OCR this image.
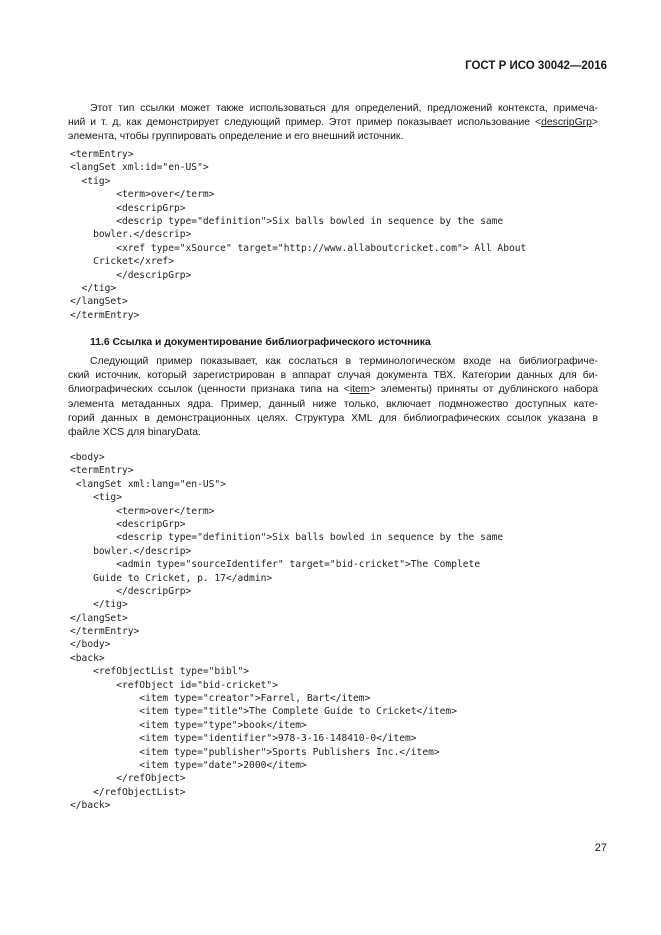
ГОСТ Р ИСО 30042—2016
Этот тип ссылки может также использоваться для определений, предложений контекста, примеча-
ний и т. д, как демонстрирует следующий пример. Этот пример показывает использование <descripGrp>
элемента, чтобы группировать определение и его внешний источник.
<termEntry>
<langSet xml:id="en-US">
<tig>
<term>over</term>
<descripGrp>
<descrip type="definition">Six balls bowled in sequence by the same
bowler.</descrip>
<xref type="xSource" target="http://www.allaboutcricket.com"> All About
Cricket</xref>
</descripGrp>
</tig>
</langSet>
</termEntry>
11.6 Ссылка и документирование библиографического источника
Следующий пример показывает, как сослаться в терминологическом входе на библиографиче-
ский источник, который зарегистрирован в аппарат случая документа ТВХ. Категории данных для би-
блиографических ссылок (ценности признака типа на <item> элементы) приняты от дублинского набора
элемента метаданных ядра. Пример, данный ниже только, включает подмножество доступных кате-
горий данных в демонстрационных целях. Структура XML для библиографических ссылок указана в
файле XCS для binaryData.
<body>
<termEntry>
<langSet xml:lang="en-US">
<tig>
<term>over</term>
<descripGrp>
<descrip type="definition">Six balls bowled in sequence by the same
bowler.</descrip>
<admin type="sourceIdentifer" target="bid-cricket">The Complete
Guide to Cricket, p. 17</admin>
</descripGrp>
</tig>
</langSet>
</termEntry>
</body>
<back>
<refObjectList type="bibl">
<refObject id="bid-cricket">
<item type="creator">Farrel, Bart</item>
<item type="title">The Complete Guide to Cricket</item>
<item type="type">book</item>
<item type="identifier">978-3-16-148410-0</item>
<item type="publisher">Sports Publishers Inc.</item>
<item type="date">2000</item>
</refObject>
</refObjectList>
</back>
27
